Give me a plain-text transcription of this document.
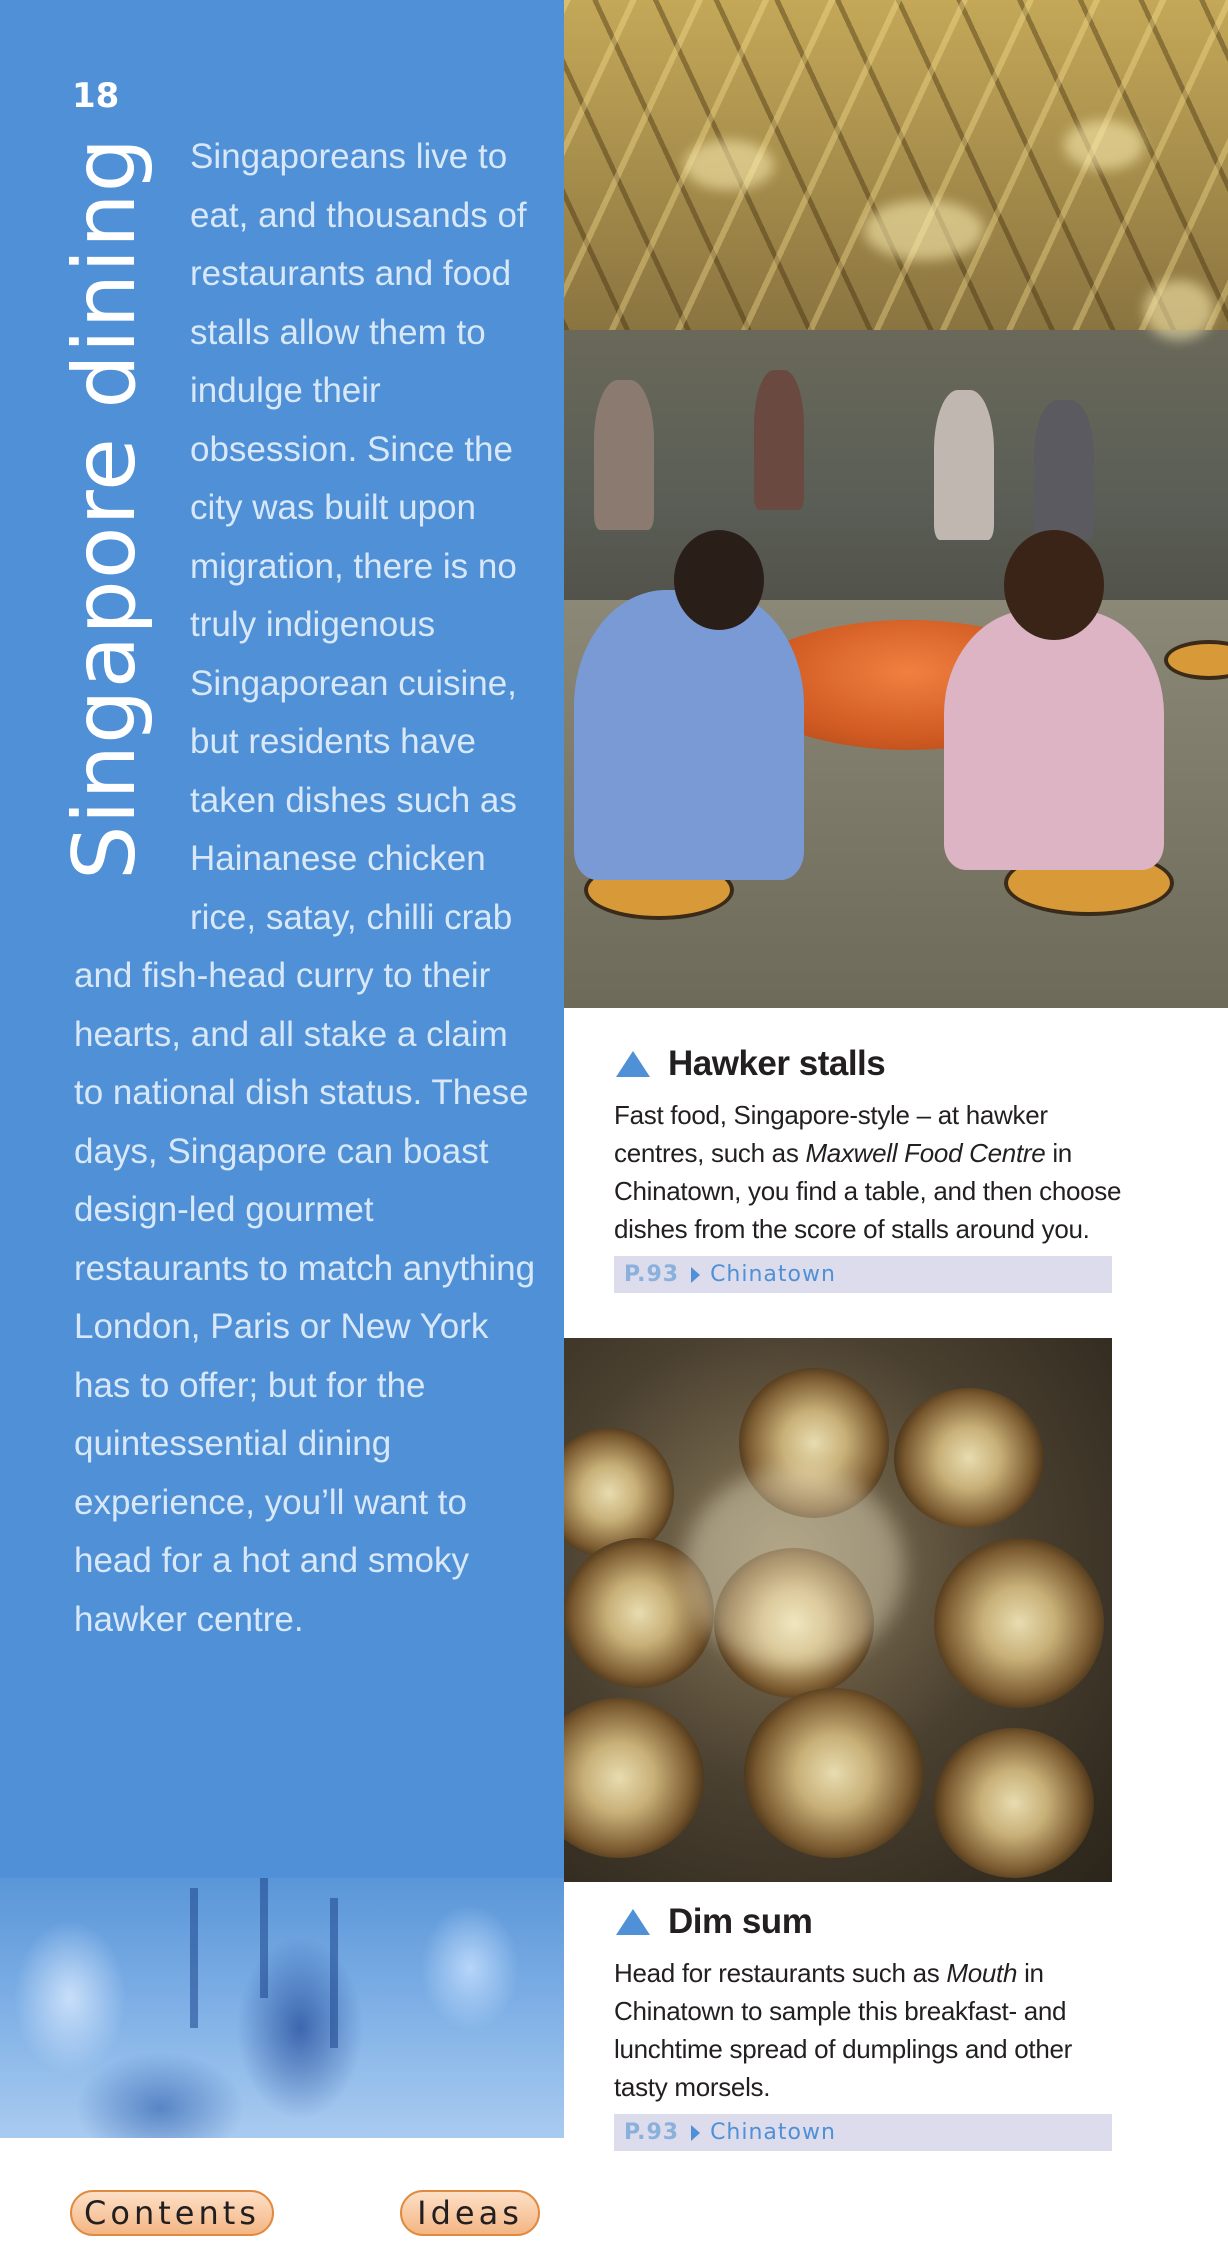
18
Singapore dining	Singaporeans live to eat, and thousands of restaurants and food stalls allow them to indulge their obsession. Since the city was built upon migration, there is no truly indigenous Singaporean cuisine, but residents have taken dishes such as Hainanese chicken rice, satay, chilli crab and fish-head curry to their hearts, and all stake a claim to national dish status. These days, Singapore can boast design-led gourmet restaurants to match anything London, Paris or New York has to offer; but for the quintessential dining experience, you’ll want to head for a hot and smoky hawker centre.
Hawker stalls
Fast food, Singapore-style – at hawker centres, such as Maxwell Food Centre in Chinatown, you find a table, and then choose dishes from the score of stalls around you.
P.93 Chinatown
Dim sum
Head for restaurants such as Mouth in Chinatown to sample this breakfast- and lunchtime spread of dumplings and other tasty morsels.
P.93 Chinatown
Contents	Ideas
